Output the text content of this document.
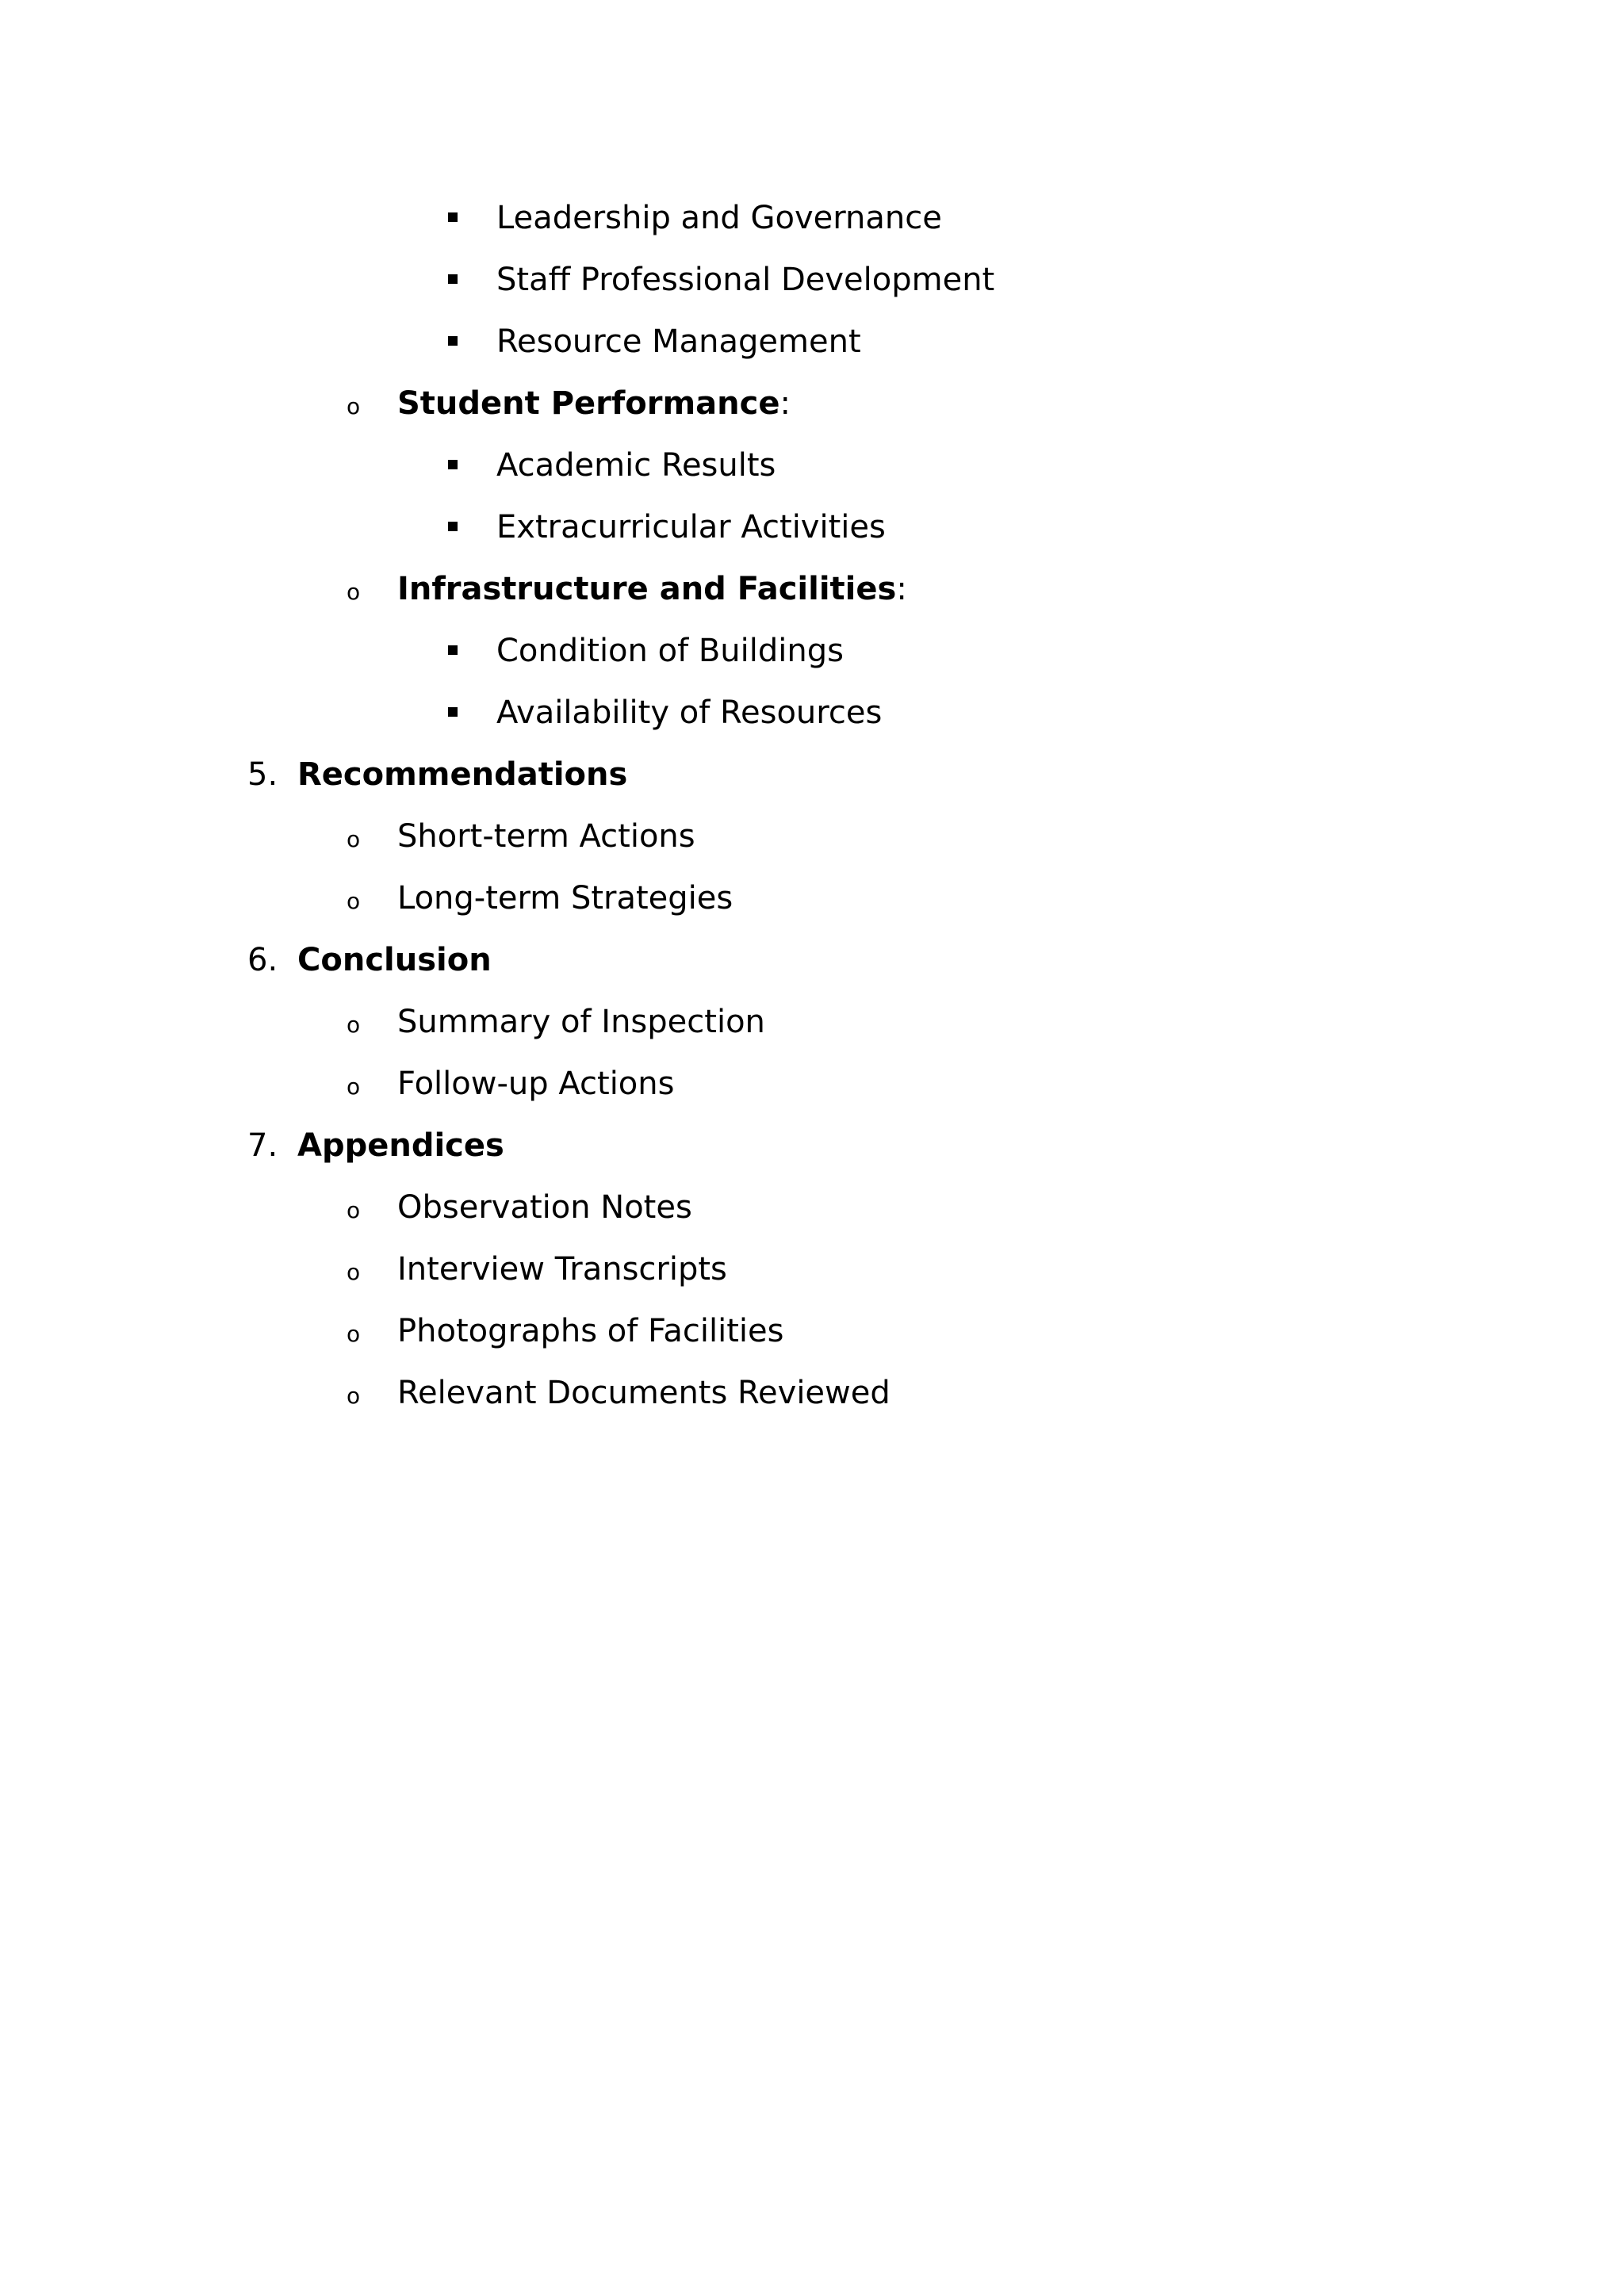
Leadership and Governance
Staff Professional Development
Resource Management
o Student Performance:
Academic Results
Extracurricular Activities
o Infrastructure and Facilities:
Condition of Buildings
Availability of Resources
5. Recommendations
o Short-term Actions
o Long-term Strategies
6. Conclusion
o Summary of Inspection
o Follow-up Actions
7. Appendices
o Observation Notes
o Interview Transcripts
o Photographs of Facilities
o Relevant Documents Reviewed
